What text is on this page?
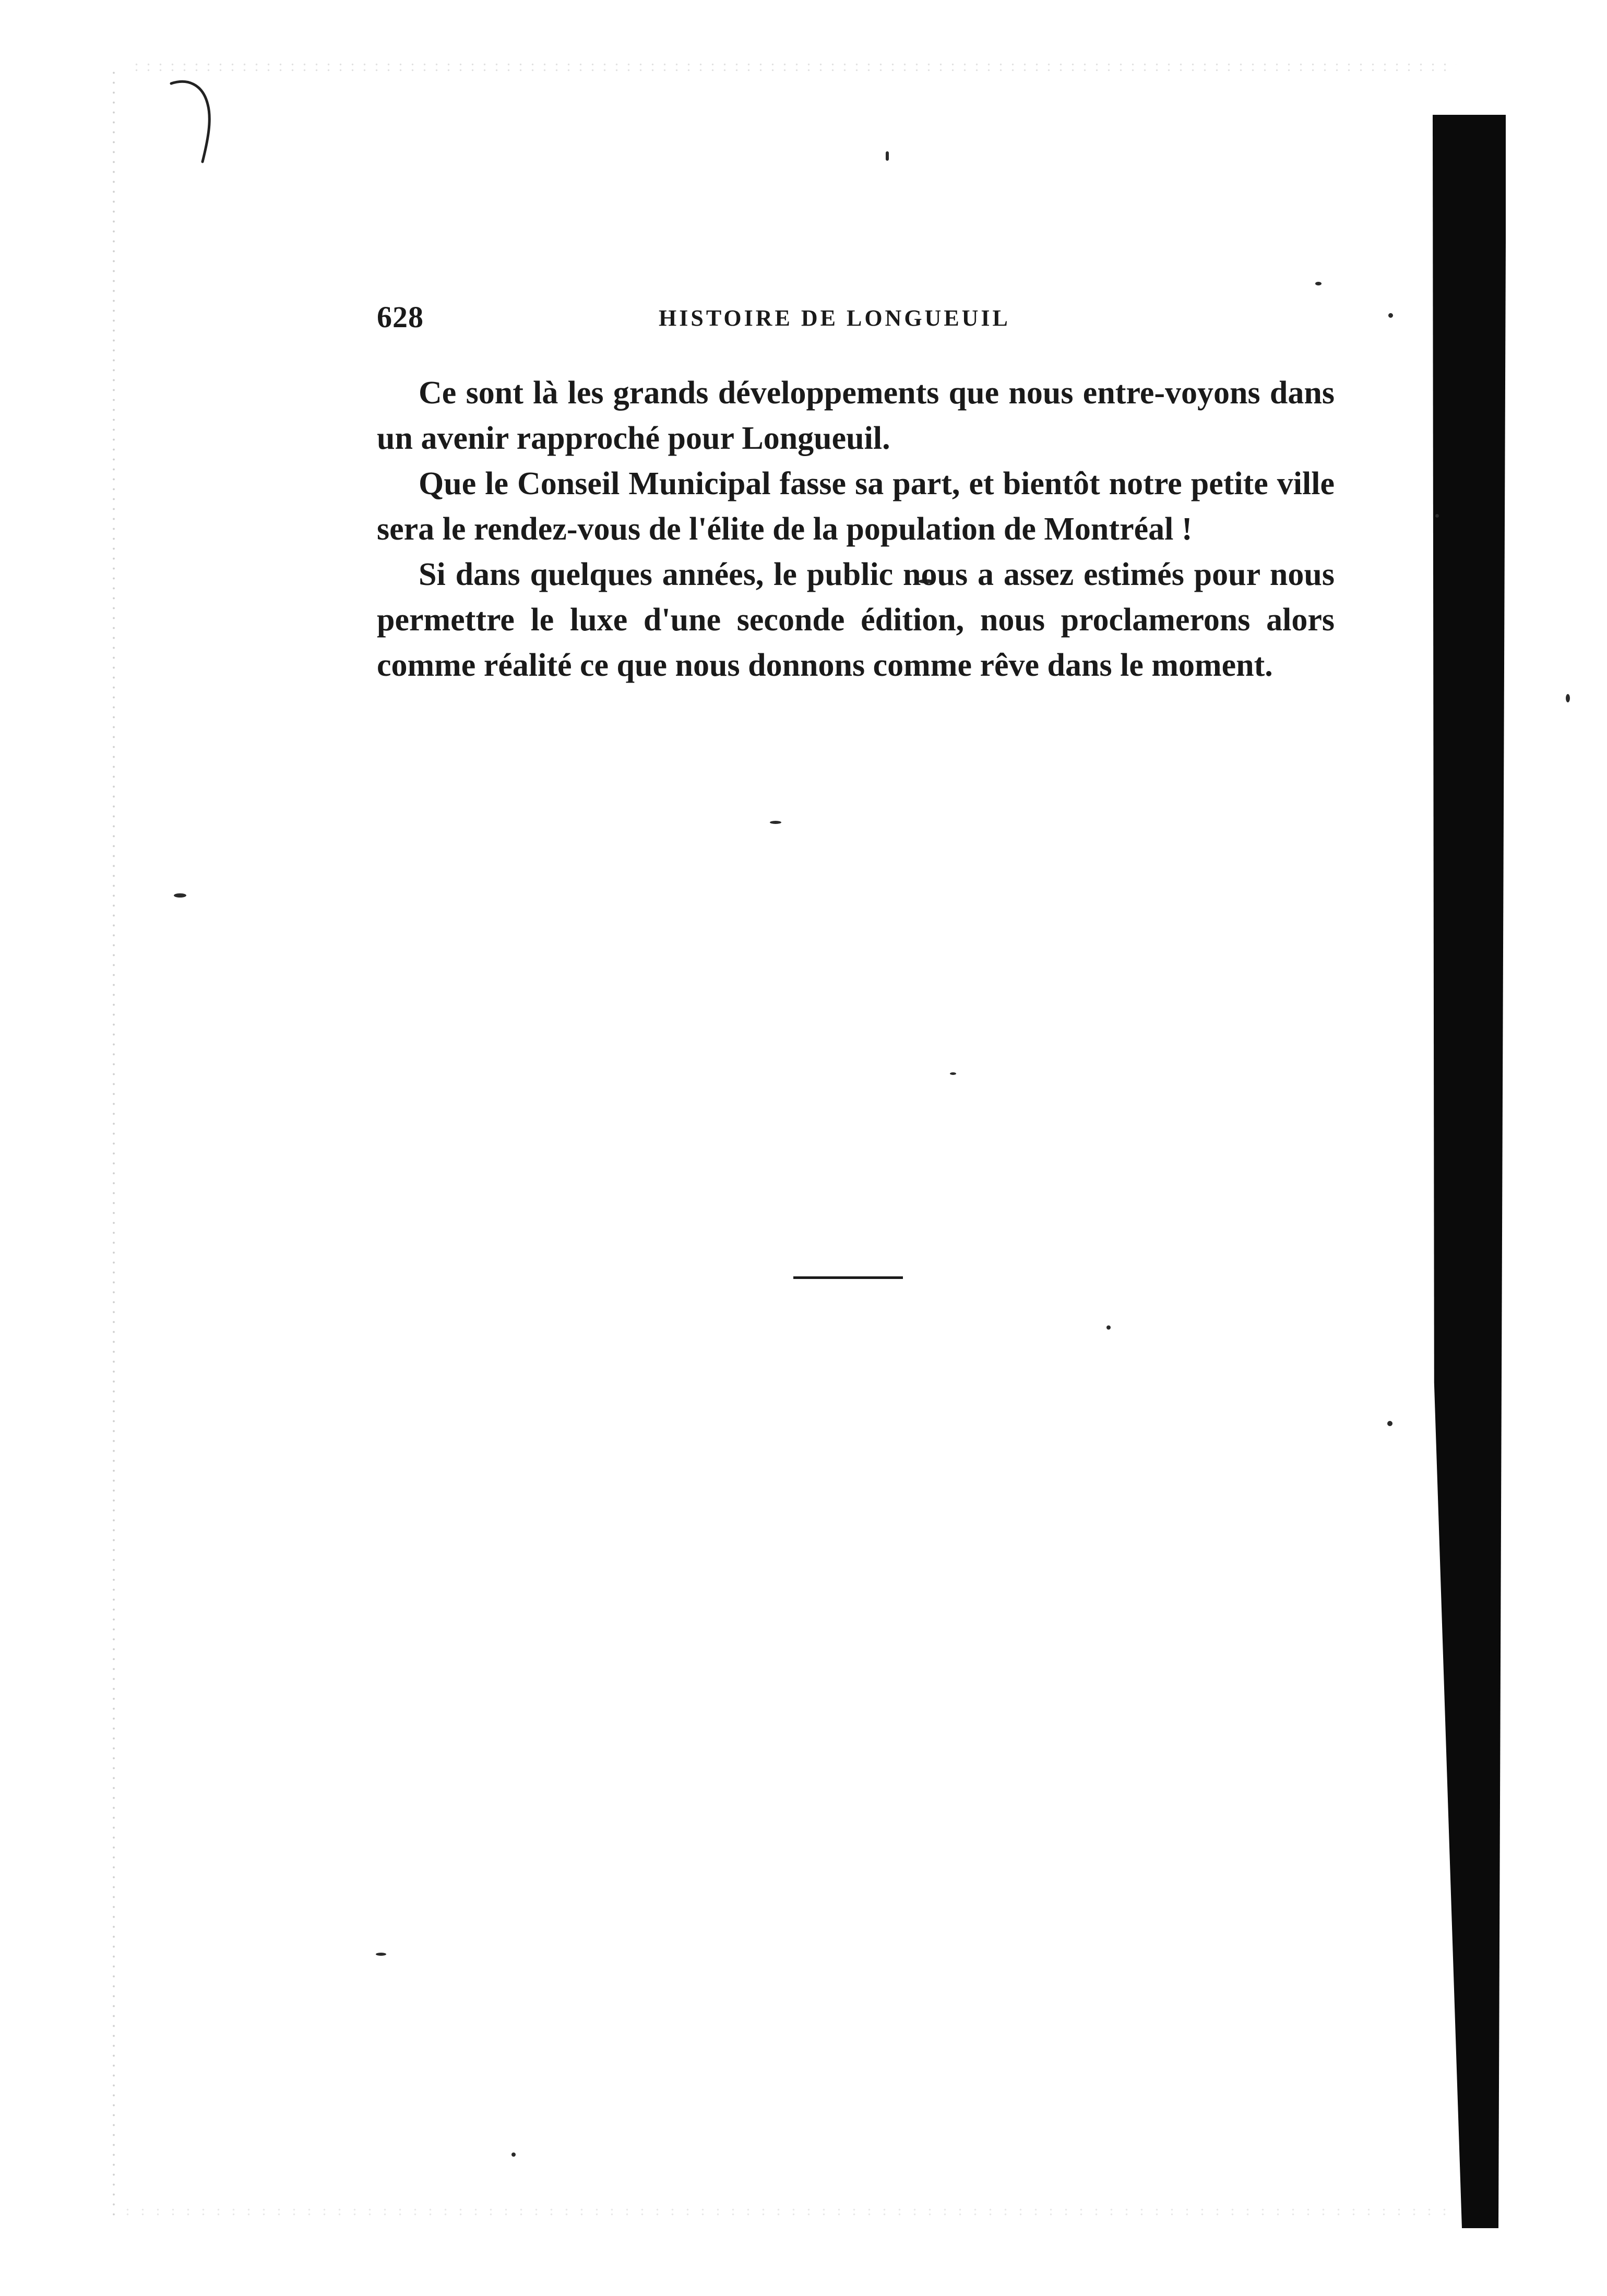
628	HISTOIRE DE LONGUEUIL

Ce sont là les grands développements que nous entre-voyons dans un avenir rapproché pour Longueuil.

Que le Conseil Municipal fasse sa part, et bientôt notre petite ville sera le rendez-vous de l'élite de la population de Montréal !

Si dans quelques années, le public nous a assez estimés pour nous permettre le luxe d'une seconde édition, nous proclamerons alors comme réalité ce que nous donnons comme rêve dans le moment.
